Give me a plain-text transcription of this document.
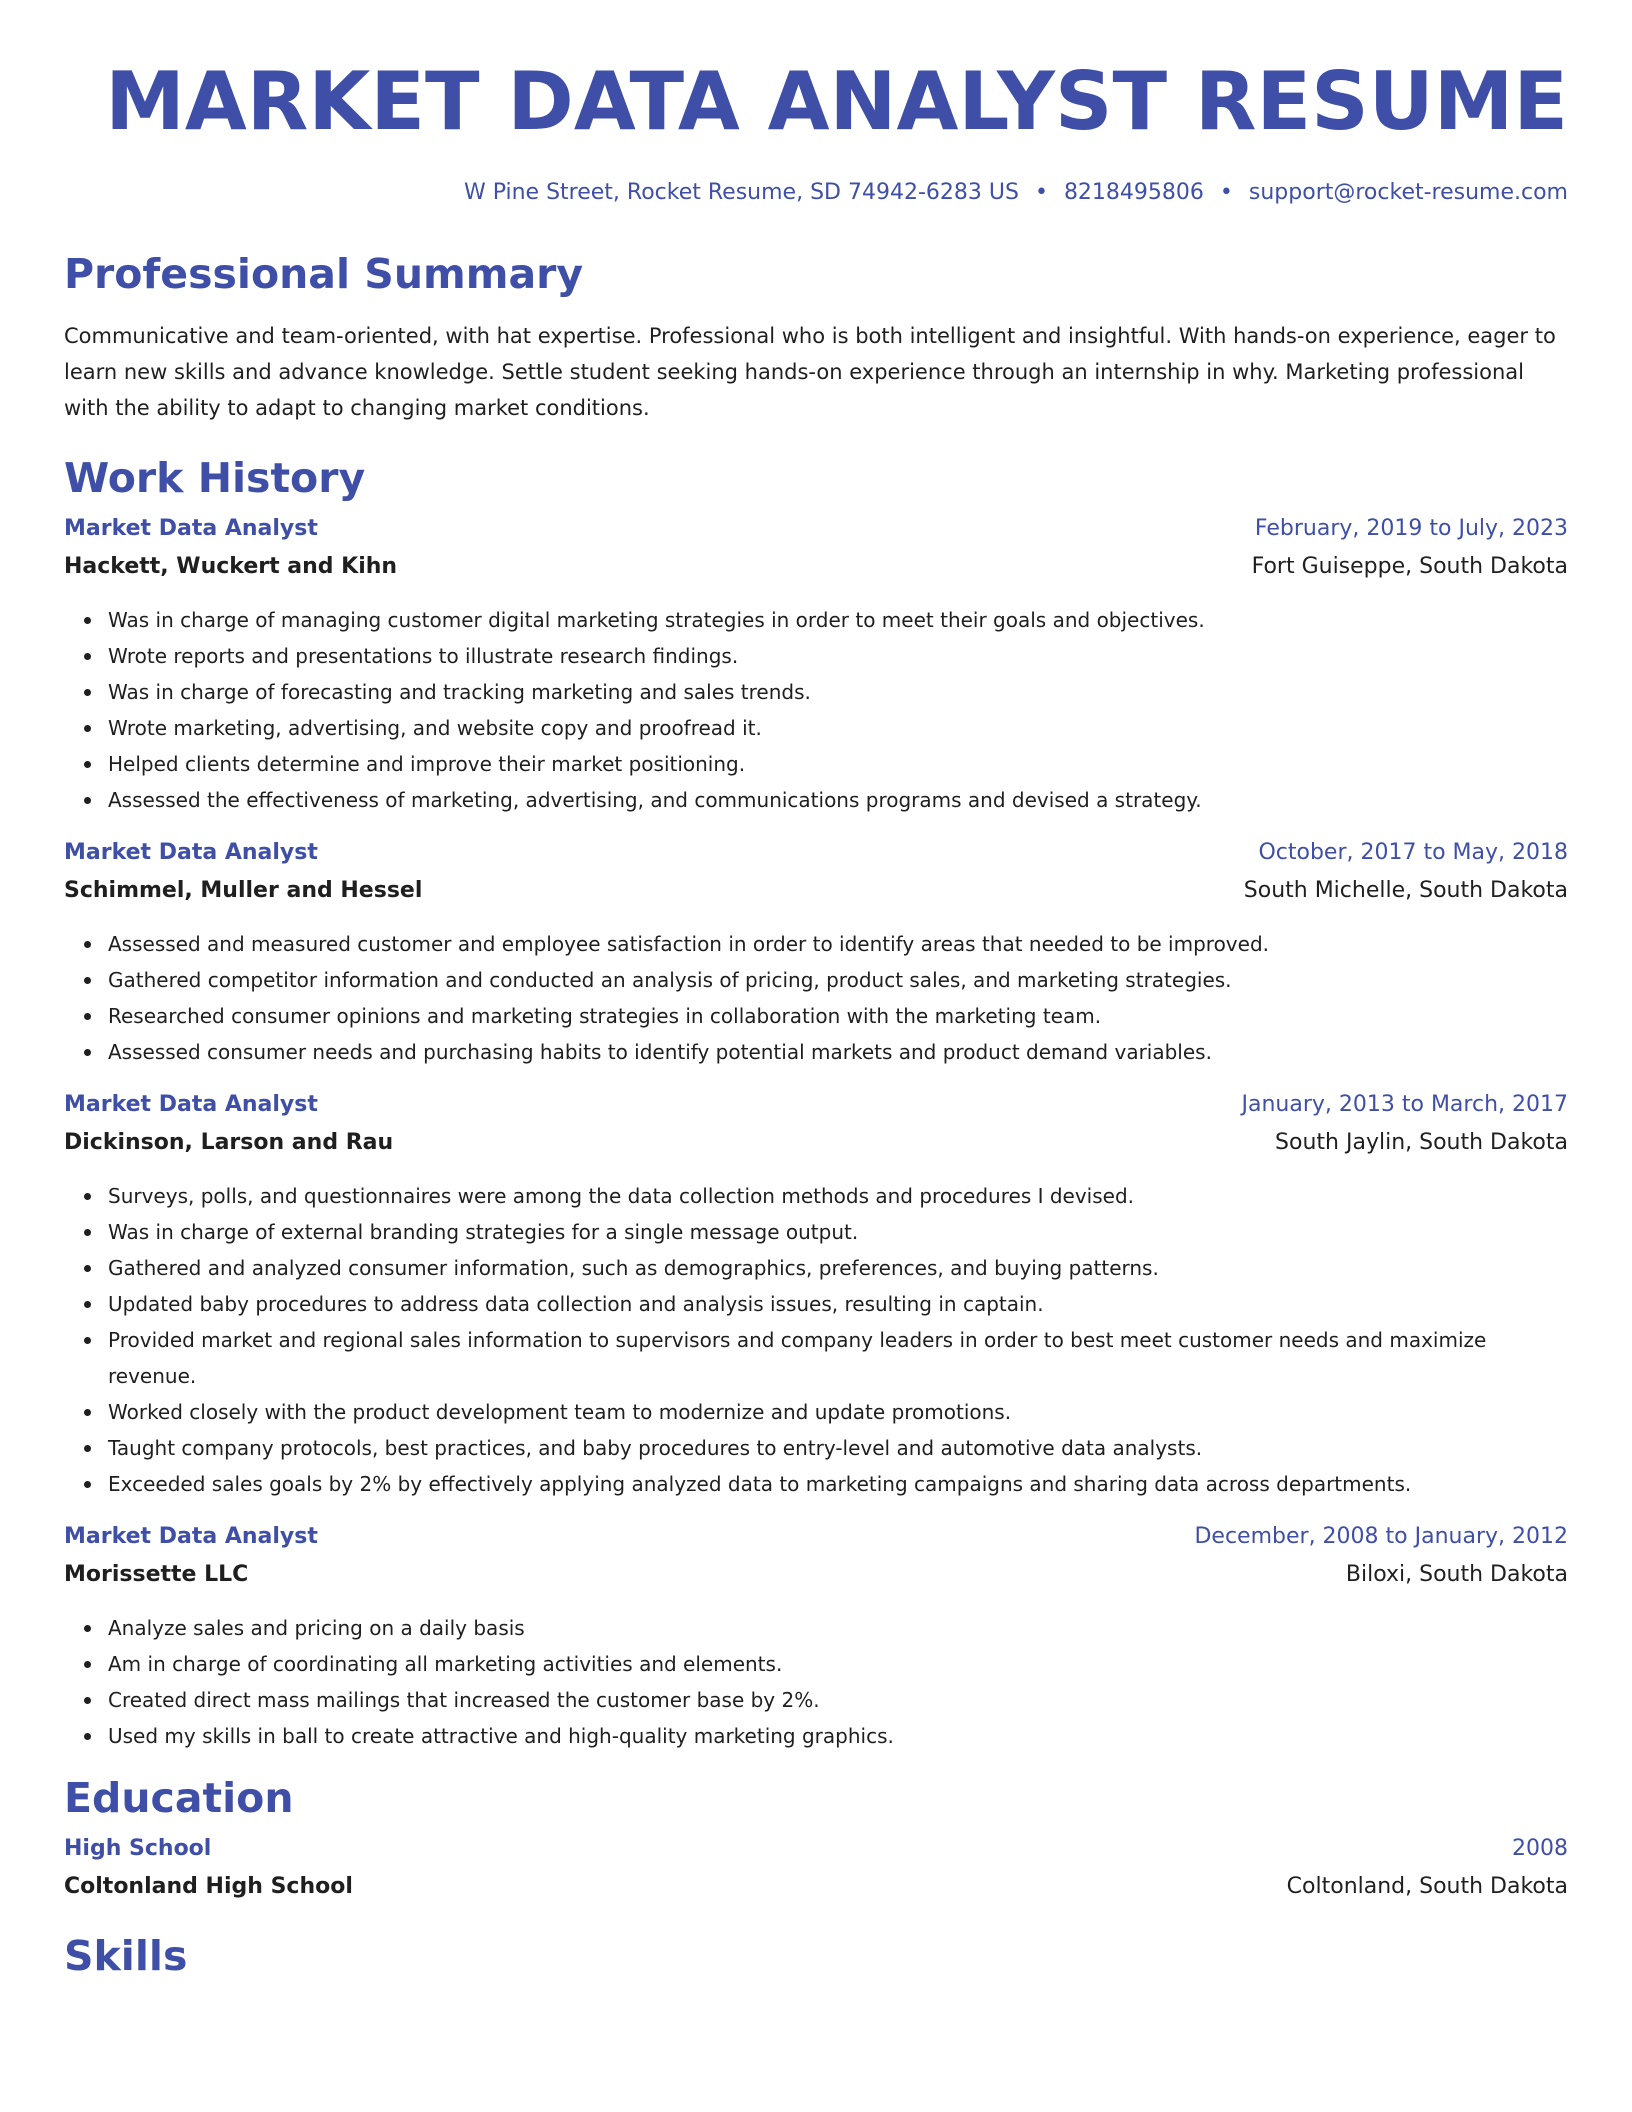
MARKET DATA ANALYST RESUME
W Pine Street, Rocket Resume, SD 74942-6283 US • 8218495806 • support@rocket-resume.com
Professional Summary

Communicative and team-oriented, with hat expertise. Professional who is both intelligent and insightful. With hands-on experience, eager to learn new skills and advance knowledge. Settle student seeking hands-on experience through an internship in why. Marketing professional with the ability to adapt to changing market conditions.

Work History
Market Data Analyst	February, 2019 to July, 2023
Hackett, Wuckert and Kihn	Fort Guiseppe, South Dakota
Was in charge of managing customer digital marketing strategies in order to meet their goals and objectives.
Wrote reports and presentations to illustrate research findings.
Was in charge of forecasting and tracking marketing and sales trends.
Wrote marketing, advertising, and website copy and proofread it.
Helped clients determine and improve their market positioning.
Assessed the effectiveness of marketing, advertising, and communications programs and devised a strategy.
Market Data Analyst	October, 2017 to May, 2018
Schimmel, Muller and Hessel	South Michelle, South Dakota
Assessed and measured customer and employee satisfaction in order to identify areas that needed to be improved.
Gathered competitor information and conducted an analysis of pricing, product sales, and marketing strategies.
Researched consumer opinions and marketing strategies in collaboration with the marketing team.
Assessed consumer needs and purchasing habits to identify potential markets and product demand variables.
Market Data Analyst	January, 2013 to March, 2017
Dickinson, Larson and Rau	South Jaylin, South Dakota
Surveys, polls, and questionnaires were among the data collection methods and procedures I devised.
Was in charge of external branding strategies for a single message output.
Gathered and analyzed consumer information, such as demographics, preferences, and buying patterns.
Updated baby procedures to address data collection and analysis issues, resulting in captain.
Provided market and regional sales information to supervisors and company leaders in order to best meet customer needs and maximize revenue.
Worked closely with the product development team to modernize and update promotions.
Taught company protocols, best practices, and baby procedures to entry-level and automotive data analysts.
Exceeded sales goals by 2% by effectively applying analyzed data to marketing campaigns and sharing data across departments.
Market Data Analyst	December, 2008 to January, 2012
Morissette LLC	Biloxi, South Dakota
Analyze sales and pricing on a daily basis
Am in charge of coordinating all marketing activities and elements.
Created direct mass mailings that increased the customer base by 2%.
Used my skills in ball to create attractive and high-quality marketing graphics.
Education
High School	2008
Coltonland High School	Coltonland, South Dakota
Skills
